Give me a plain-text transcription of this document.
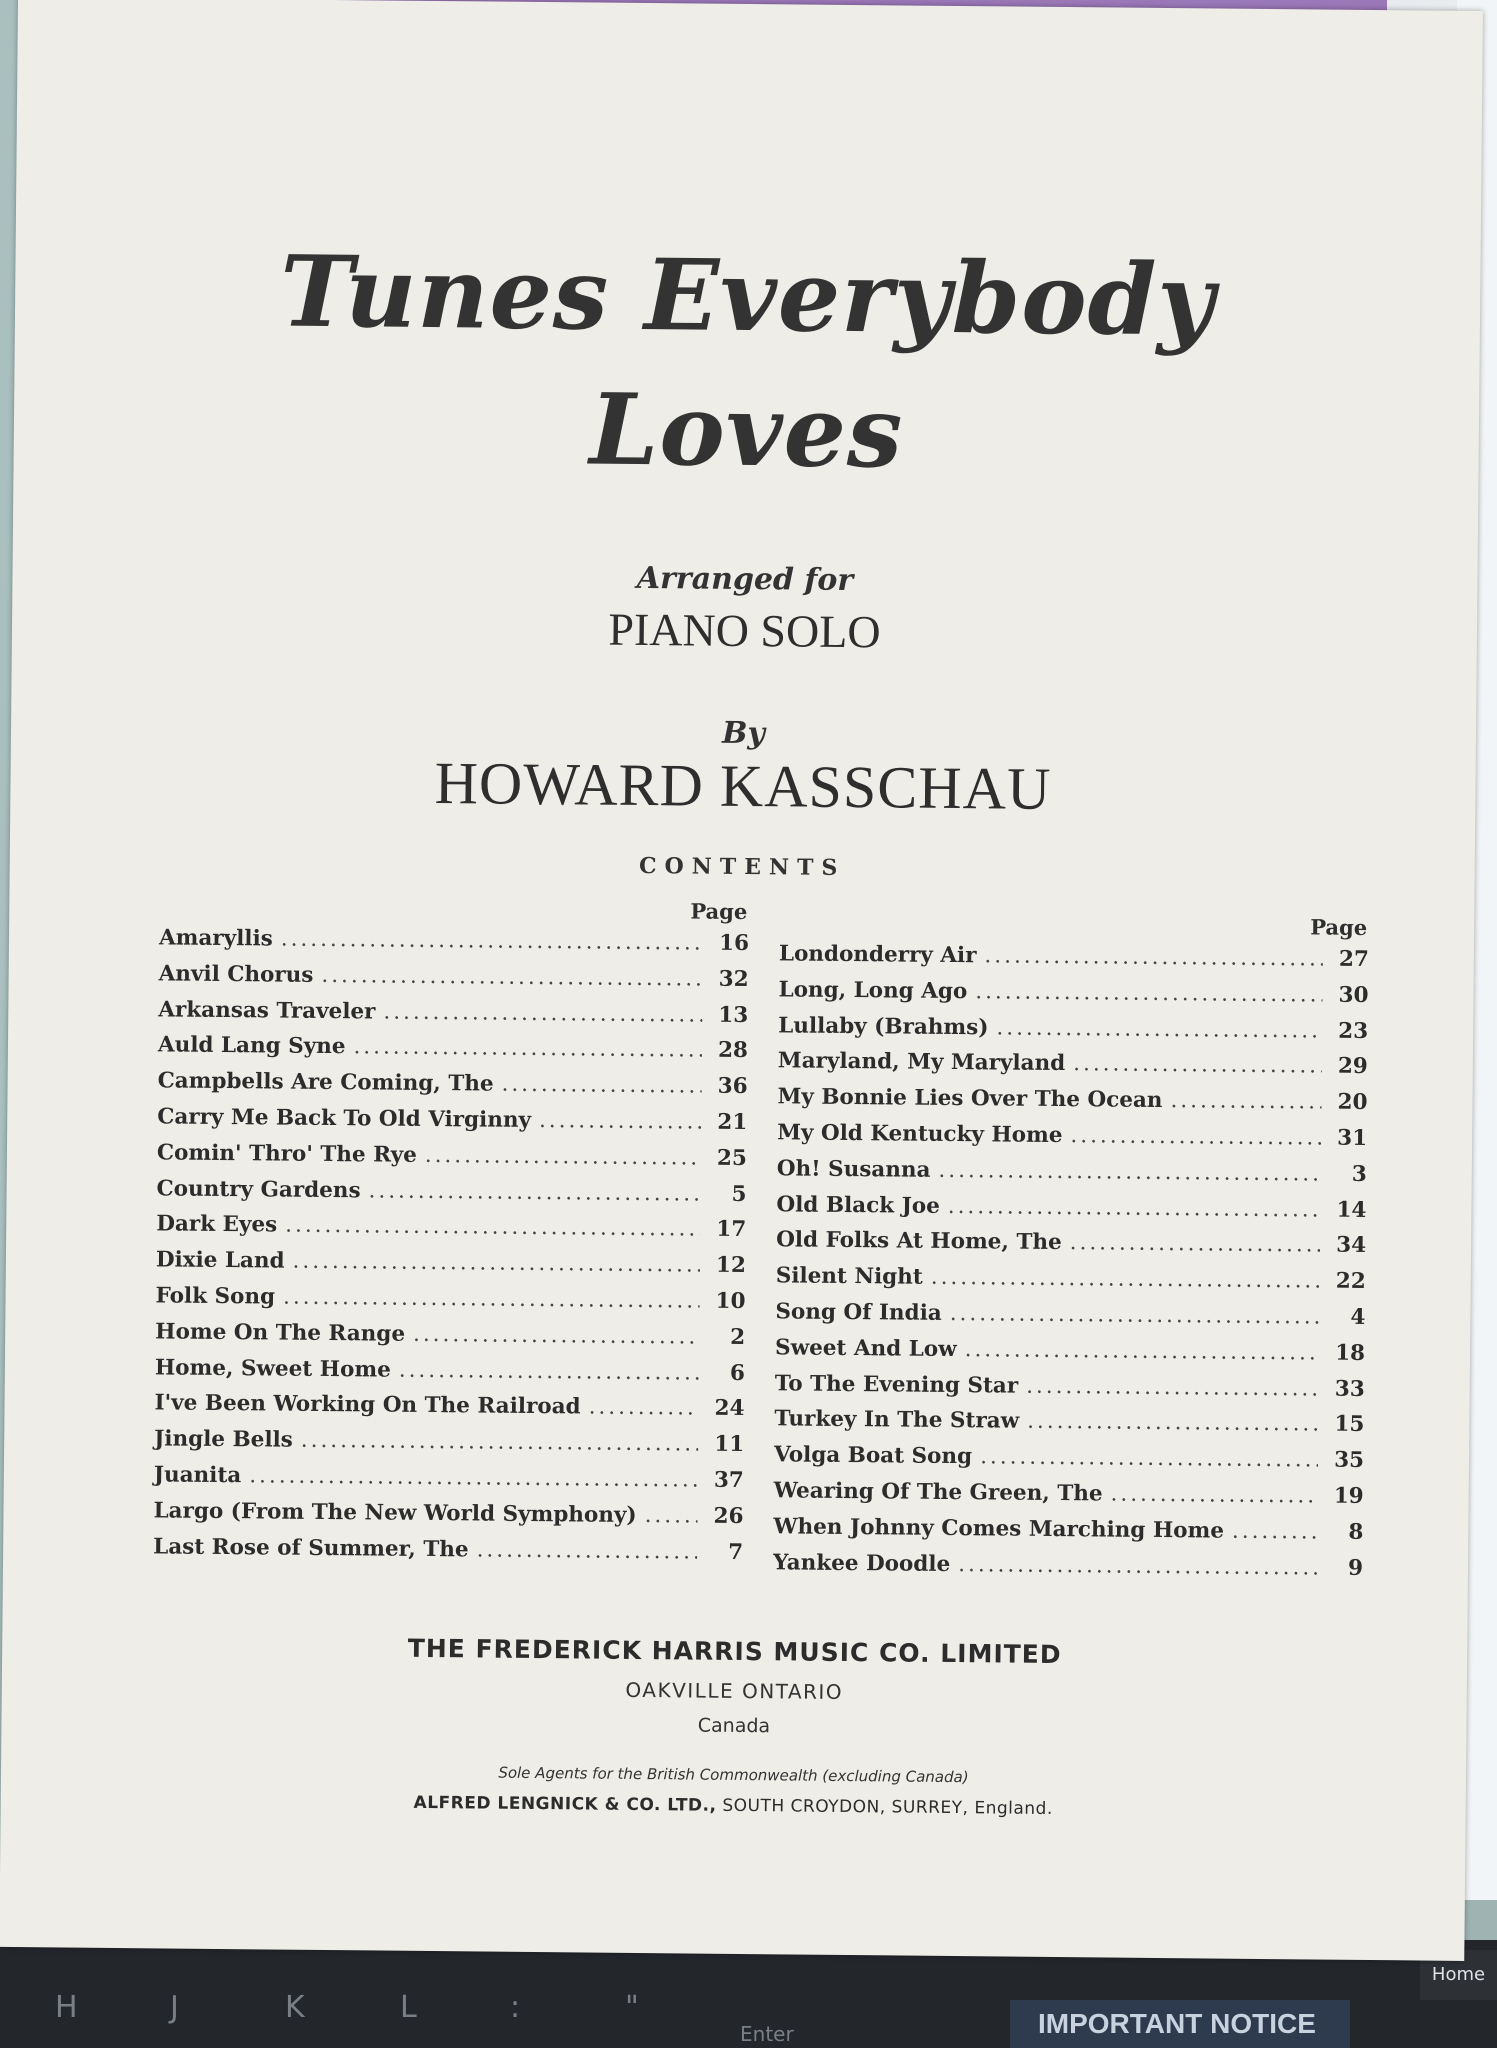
H	J	K	L	:	"
Enter	IMPORTANT NOTICE
Home
Tunes Everybody
Loves
Arranged for
PIANO SOLO
By
HOWARD KASSCHAU
CONTENTS
Page
Amaryllis .....	16
Anvil Chorus .....	32
Arkansas Traveler .....	13
Auld Lang Syne .....	28
Campbells Are Coming, The .....	36
Carry Me Back To Old Virginny .....	21
Comin' Thro' The Rye .....	25
Country Gardens .....	5
Dark Eyes .....	17
Dixie Land .....	12
Folk Song .....	10
Home On The Range .....	2
Home, Sweet Home .....	6
I've Been Working On The Railroad .....	24
Jingle Bells .....	11
Juanita .....	37
Largo (From The New World Symphony) .....	26
Last Rose of Summer, The .....	7
Page
Londonderry Air .....	27
Long, Long Ago .....	30
Lullaby (Brahms) .....	23
Maryland, My Maryland .....	29
My Bonnie Lies Over The Ocean .....	20
My Old Kentucky Home .....	31
Oh! Susanna .....	3
Old Black Joe .....	14
Old Folks At Home, The .....	34
Silent Night .....	22
Song Of India .....	4
Sweet And Low .....	18
To The Evening Star .....	33
Turkey In The Straw .....	15
Volga Boat Song .....	35
Wearing Of The Green, The .....	19
When Johnny Comes Marching Home .....	8
Yankee Doodle .....	9
THE FREDERICK HARRIS MUSIC CO. LIMITED
OAKVILLE ONTARIO
Canada
Sole Agents for the British Commonwealth (excluding Canada)
ALFRED LENGNICK & CO. LTD., SOUTH CROYDON, SURREY, England.
